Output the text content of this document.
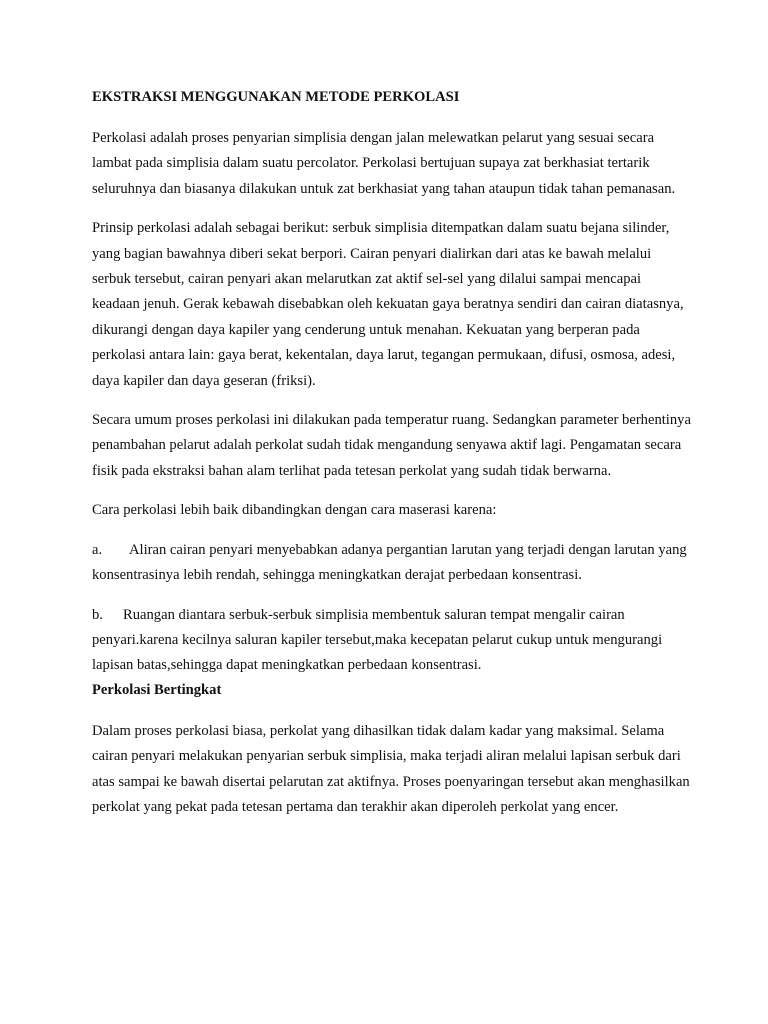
EKSTRAKSI MENGGUNAKAN METODE PERKOLASI

Perkolasi adalah proses penyarian simplisia dengan jalan melewatkan pelarut yang sesuai secara lambat pada simplisia dalam suatu percolator. Perkolasi bertujuan supaya zat berkhasiat tertarik seluruhnya dan biasanya dilakukan untuk zat berkhasiat yang tahan ataupun tidak tahan pemanasan.

Prinsip perkolasi adalah sebagai berikut: serbuk simplisia ditempatkan dalam suatu bejana silinder, yang bagian bawahnya diberi sekat berpori. Cairan penyari dialirkan dari atas ke bawah melalui serbuk tersebut, cairan penyari akan melarutkan zat aktif sel-sel yang dilalui sampai mencapai keadaan jenuh. Gerak kebawah disebabkan oleh kekuatan gaya beratnya sendiri dan cairan diatasnya, dikurangi dengan daya kapiler yang cenderung untuk menahan. Kekuatan yang berperan pada perkolasi antara lain: gaya berat, kekentalan, daya larut, tegangan permukaan, difusi, osmosa, adesi, daya kapiler dan daya geseran (friksi).

Secara umum proses perkolasi ini dilakukan pada temperatur ruang. Sedangkan parameter berhentinya penambahan pelarut adalah perkolat sudah tidak mengandung senyawa aktif lagi. Pengamatan secara fisik pada ekstraksi bahan alam terlihat pada tetesan perkolat yang sudah tidak berwarna.

Cara perkolasi lebih baik dibandingkan dengan cara maserasi karena:

a. Aliran cairan penyari menyebabkan adanya pergantian larutan yang terjadi dengan larutan yang konsentrasinya lebih rendah, sehingga meningkatkan derajat perbedaan konsentrasi.

b. Ruangan diantara serbuk-serbuk simplisia membentuk saluran tempat mengalir cairan penyari.karena kecilnya saluran kapiler tersebut,maka kecepatan pelarut cukup untuk mengurangi lapisan batas,sehingga dapat meningkatkan perbedaan konsentrasi.

Perkolasi Bertingkat

Dalam proses perkolasi biasa, perkolat yang dihasilkan tidak dalam kadar yang maksimal. Selama cairan penyari melakukan penyarian serbuk simplisia, maka terjadi aliran melalui lapisan serbuk dari atas sampai ke bawah disertai pelarutan zat aktifnya. Proses poenyaringan tersebut akan menghasilkan perkolat yang pekat pada tetesan pertama dan terakhir akan diperoleh perkolat yang encer.
